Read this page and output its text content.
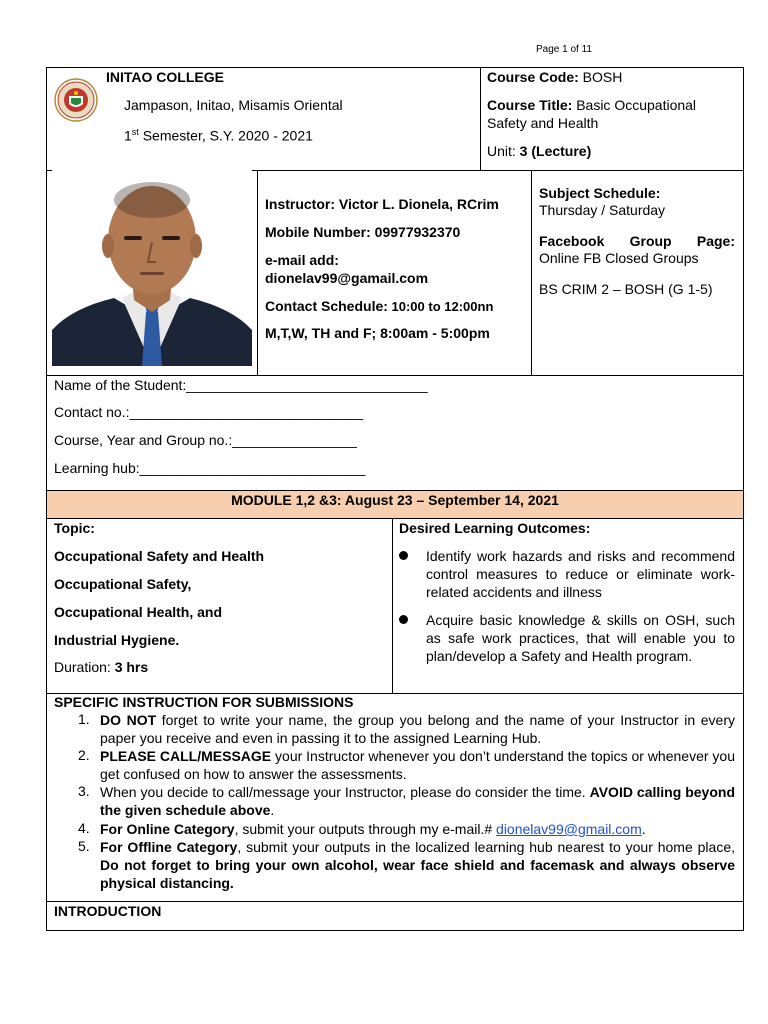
Page 1 of 11
INITAO COLLEGE
Jampason, Initao, Misamis Oriental
1st Semester, S.Y. 2020 - 2021
Course Code: BOSH
Course Title: Basic Occupational
Safety and Health
Unit: 3 (Lecture)
Instructor: Victor L. Dionela, RCrim
Mobile Number: 09977932370
e-mail add:
dionelav99@gamail.com
Contact Schedule: 10:00 to 12:00nn
M,T,W, TH and F; 8:00am - 5:00pm
Subject Schedule:
Thursday / Saturday
Facebook Group Page:
Online FB Closed Groups
BS CRIM 2 – BOSH (G 1-5)
Name of the Student:_______________________________
Contact no.:______________________________
Course, Year and Group no.:________________
Learning hub:_____________________________
MODULE 1,2 &3: August 23 – September 14, 2021
Topic:
Occupational Safety and Health
Occupational Safety,
Occupational Health, and
Industrial Hygiene.
Duration: 3 hrs
Desired Learning Outcomes:
Identify work hazards and risks and recommend control measures to reduce or eliminate work-related accidents and illness
Acquire basic knowledge & skills on OSH, such as safe work practices, that will enable you to plan/develop a Safety and Health program.
SPECIFIC INSTRUCTION FOR SUBMISSIONS
1. DO NOT forget to write your name, the group you belong and the name of your Instructor in every paper you receive and even in passing it to the assigned Learning Hub.
2. PLEASE CALL/MESSAGE your Instructor whenever you don’t understand the topics or whenever you get confused on how to answer the assessments.
3. When you decide to call/message your Instructor, please do consider the time. AVOID calling beyond the given schedule above.
4. For Online Category, submit your outputs through my e-mail.# dionelav99@gmail.com.
5. For Offline Category, submit your outputs in the localized learning hub nearest to your home place, Do not forget to bring your own alcohol, wear face shield and facemask and always observe physical distancing.
INTRODUCTION
